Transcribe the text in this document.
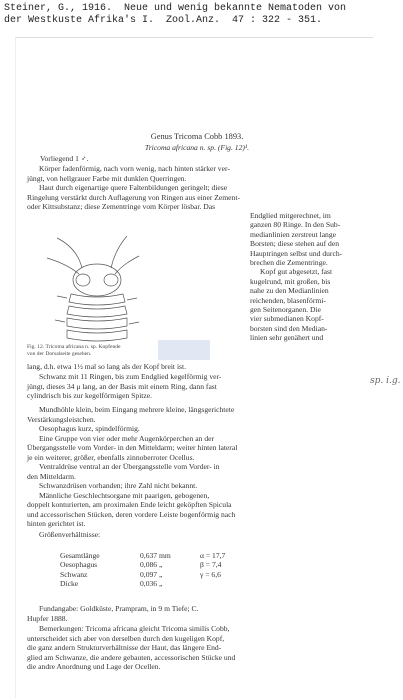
Steiner, G., 1916.  Neue und wenig bekannte Nematoden von
der Westkuste Afrika's I.  Zool.Anz.  47 : 322 - 351.
Genus Tricoma Cobb 1893.
Tricoma africana n. sp. (Fig. 12)¹.
Vorliegend 1 ♂.
Körper fadenförmig, nach vorn wenig, nach hinten stärker ver-
jüngt, von hellgrauer Farbe mit dunklen Querringen.
Haut durch eigenartige quere Faltenbildungen geringelt; diese
Ringelung verstärkt durch Auflagerung von Ringen aus einer Zement-
oder Kittsubstanz; diese Zementringe vom Körper lösbar. Das
Endglied mitgerechnet, im
ganzen 80 Ringe. In den Sub-
medianlinien zerstreut lange
Borsten; diese stehen auf den
Hauptringen selbst und durch-
brechen die Zementringe.
Kopf gut abgesetzt, fast
kugelrund, mit großen, bis
nahe zu den Medianlinien
reichenden, blasenförmi-
gen Seitenorganen. Die
vier submedianen Kopf-
borsten sind den Median-
linien sehr genähert und
Fig. 12. Tricoma africana n. sp. Kopfende
von der Dorsalseite gesehen.
sp. i.g.
lang, d.h. etwa 1½ mal so lang als der Kopf breit ist.
Schwanz mit 11 Ringen, bis zum Endglied kegelförmig ver-
jüngt, dieses 34 μ lang, an der Basis mit einem Ring, dann fast
cylindrisch bis zur kegelförmigen Spitze.
Mundhöhle klein, beim Eingang mehrere kleine, längsgerichtete
Verstärkungsleistchen.
Oesophagus kurz, spindelförmig.
Eine Gruppe von vier oder mehr Augenkörperchen an der
Übergangsstelle vom Vorder- in den Mitteldarm; weiter hinten lateral
je ein weiterer, größer, ebenfalls zinnoberroter Ocellus.
Ventraldrüse ventral an der Übergangsstelle vom Vorder- in
den Mitteldarm.
Schwanzdrüsen vorhanden; ihre Zahl nicht bekannt.
Männliche Geschlechtsorgane mit paarigen, gebogenen,
doppelt konturierten, am proximalen Ende leicht geköpften Spicula
und accessorischen Stücken, deren vordere Leiste bogenförmig nach
hinten gerichtet ist.
Größenverhältnisse:
Gesamtlänge	0,637 mm	α = 17,7
Oesophagus	0,086 „	β = 7,4
Schwanz	0,097 „	γ = 6,6
Dicke	0,036 „
Fundangabe: Goldküste, Prampram, in 9 m Tiefe; C.
Hupfer 1888.
Bemerkungen: Tricoma africana gleicht Tricoma similis Cobb,
unterscheidet sich aber von derselben durch den kugeligen Kopf,
die ganz andern Strukturverhältnisse der Haut, das längere End-
glied am Schwanze, die andere gebauten, accessorischen Stücke und
die andre Anordnung und Lage der Ocellen.
